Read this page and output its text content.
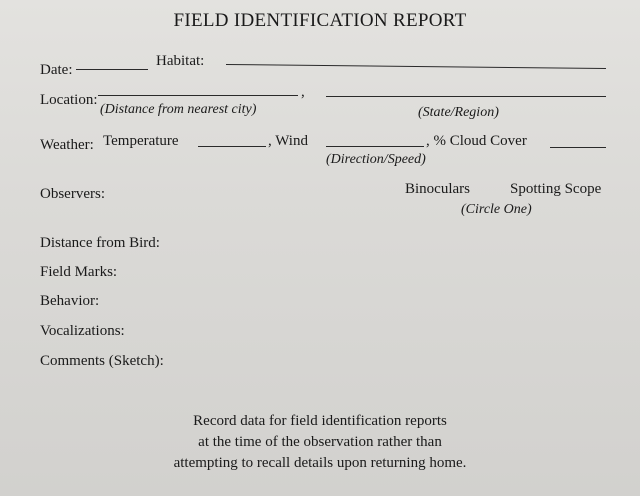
FIELD IDENTIFICATION REPORT
Date:
Habitat:
Location:	,
(Distance from nearest city)	(State/Region)
Weather: Temperature	, Wind	, % Cloud Cover
(Direction/Speed)
Observers:	Binoculars	Spotting Scope
(Circle One)
Distance from Bird:
Field Marks:
Behavior:
Vocalizations:
Comments (Sketch):
Record data for field identification reports
at the time of the observation rather than
attempting to recall details upon returning home.
